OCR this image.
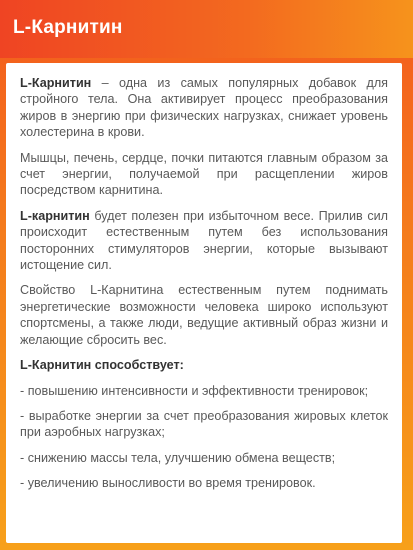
L-Карнитин

L-Карнитин – одна из самых популярных добавок для стройного тела. Она активирует процесс преобразования жиров в энергию при физических нагрузках, снижает уровень холестерина в крови.

Мышцы, печень, сердце, почки питаются главным образом за счет энергии, получаемой при расщеплении жиров посредством карнитина.

L-карнитин будет полезен при избыточном весе. Прилив сил происходит естественным путем без использования посторонних стимуляторов энергии, которые вызывают истощение сил.

Свойство L-Карнитина естественным путем поднимать энергетические возможности человека широко используют спортсмены, а также люди, ведущие активный образ жизни и желающие сбросить вес.

L-Карнитин способствует:
- повышению интенсивности и эффективности тренировок;
- выработке энергии за счет преобразования жировых клеток при аэробных нагрузках;
- снижению массы тела, улучшению обмена веществ;
- увеличению выносливости во время тренировок.
